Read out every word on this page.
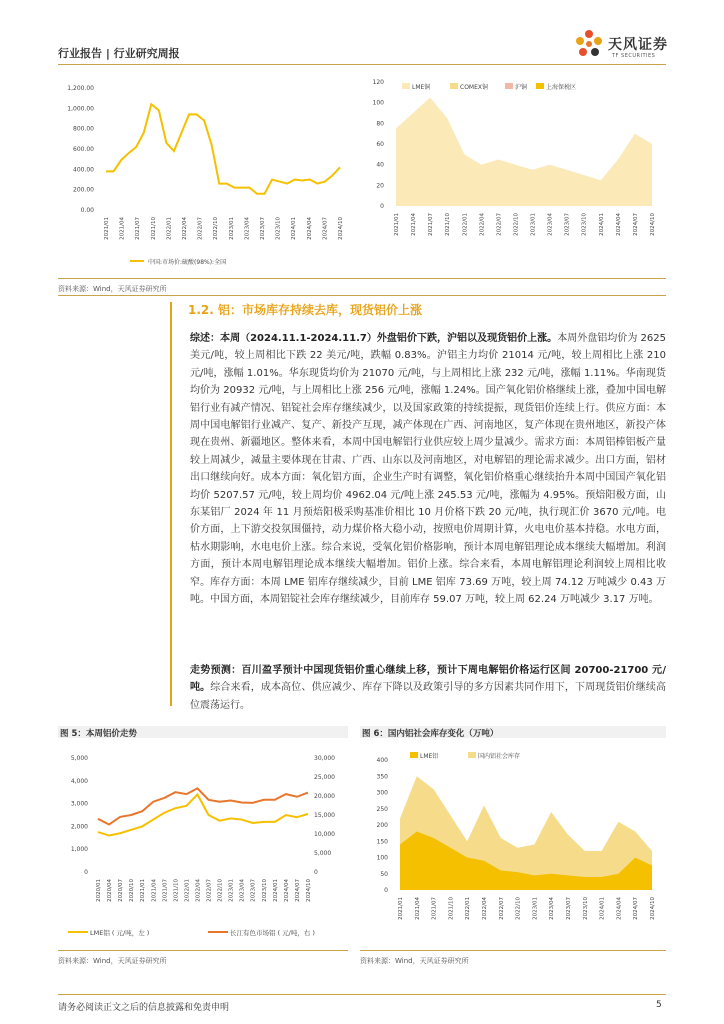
行业报告 | 行业研究周报
天风证券
TF SECURITIES
0.00
200.00
400.00
600.00
800.00
1,000.00
1,200.00
2021/01 2021/04 2021/07 2021/10 2022/01 2022/04 2022/07 2022/10 2023/01 2023/04 2023/07 2023/10 2024/01 2024/04 2024/07 2024/10
中国:市场价:硫酸(98%):全国
0
20
40
60
80
100
120
2021/01 2021/04 2021/07 2021/10 2022/01 2022/04 2022/07 2022/10 2023/01 2023/04 2023/07 2023/10 2024/01 2024/04 2024/07 2024/10
LME铜	COMEX铜	沪铜	上海保税区
资料来源：Wind，天风证券研究所
1.2. 铝：市场库存持续去库，现货铝价上涨
综述：本周（2024.11.1-2024.11.7）外盘铝价下跌，沪铝以及现货铝价上涨。本周外盘铝均价为 2625 美元/吨，较上周相比下跌 22 美元/吨，跌幅 0.83%。沪铝主力均价 21014 元/吨，较上周相比上涨 210 元/吨，涨幅 1.01%。华东现货均价为 21070 元/吨，与上周相比上涨 232 元/吨，涨幅 1.11%。华南现货均价为 20932 元/吨，与上周相比上涨 256 元/吨，涨幅 1.24%。国产氧化铝价格继续上涨，叠加中国电解铝行业有减产情况、铝锭社会库存继续减少，以及国家政策的持续提振，现货铝价连续上行。供应方面：本周中国电解铝行业减产、复产、新投产互现，减产体现在广西、河南地区，复产体现在贵州地区，新投产体现在贵州、新疆地区。整体来看，本周中国电解铝行业供应较上周少量减少。需求方面：本周铝棒铝板产量较上周减少，减量主要体现在甘肃、广西、山东以及河南地区，对电解铝的理论需求减少。出口方面，铝材出口继续向好。成本方面：氧化铝方面，企业生产时有调整，氧化铝价格重心继续抬升本周中国国产氧化铝均价 5207.57 元/吨，较上周均价 4962.04 元/吨上涨 245.53 元/吨，涨幅为 4.95%。预焙阳极方面，山东某铝厂 2024 年 11 月预焙阳极采购基准价相比 10 月价格下跌 20 元/吨，执行现汇价 3670 元/吨。电价方面，上下游交投氛围僵持，动力煤价格大稳小动，按照电价周期计算，火电电价基本持稳。水电方面，枯水期影响，水电电价上涨。综合来说，受氧化铝价格影响，预计本周电解铝理论成本继续大幅增加。利润方面，预计本周电解铝理论成本继续大幅增加。铝价上涨。综合来看，本周电解铝理论利润较上周相比收窄。库存方面：本周 LME 铝库存继续减少，目前 LME 铝库 73.69 万吨，较上周 74.12 万吨减少 0.43 万吨。中国方面，本周铝锭社会库存继续减少，目前库存 59.07 万吨，较上周 62.24 万吨减少 3.17 万吨。
走势预测：百川盈孚预计中国现货铝价重心继续上移，预计下周电解铝价格运行区间 20700-21700 元/吨。综合来看，成本高位、供应减少、库存下降以及政策引导的多方因素共同作用下，下周现货铝价继续高位震荡运行。
图 5：本周铝价走势
0
1,000
2,000
3,000
4,000
5,000
0
5,000
10,000
15,000
20,000
25,000
30,000
2020/01 2020/04 2020/07 2020/10 2021/01 2021/04 2021/07 2021/10 2022/01 2022/04 2022/07 2022/10 2023/01 2023/04 2023/07 2023/10 2024/01 2024/04 2024/07 2024/10
LME铝 ( 元/吨，左 )	长江有色市场铝 ( 元/吨，右 )
资料来源：Wind，天风证券研究所
图 6：国内铝社会库存变化（万吨）
0
50
100
150
200
250
300
350
400
2021/01 2021/04 2021/07 2021/10 2022/01 2022/04 2022/07 2022/10 2023/01 2023/04 2023/07 2023/10 2024/01 2024/04 2024/07 2024/10
LME铝	国内铝社会库存
资料来源：Wind，天风证券研究所
请务必阅读正文之后的信息披露和免责申明	5
